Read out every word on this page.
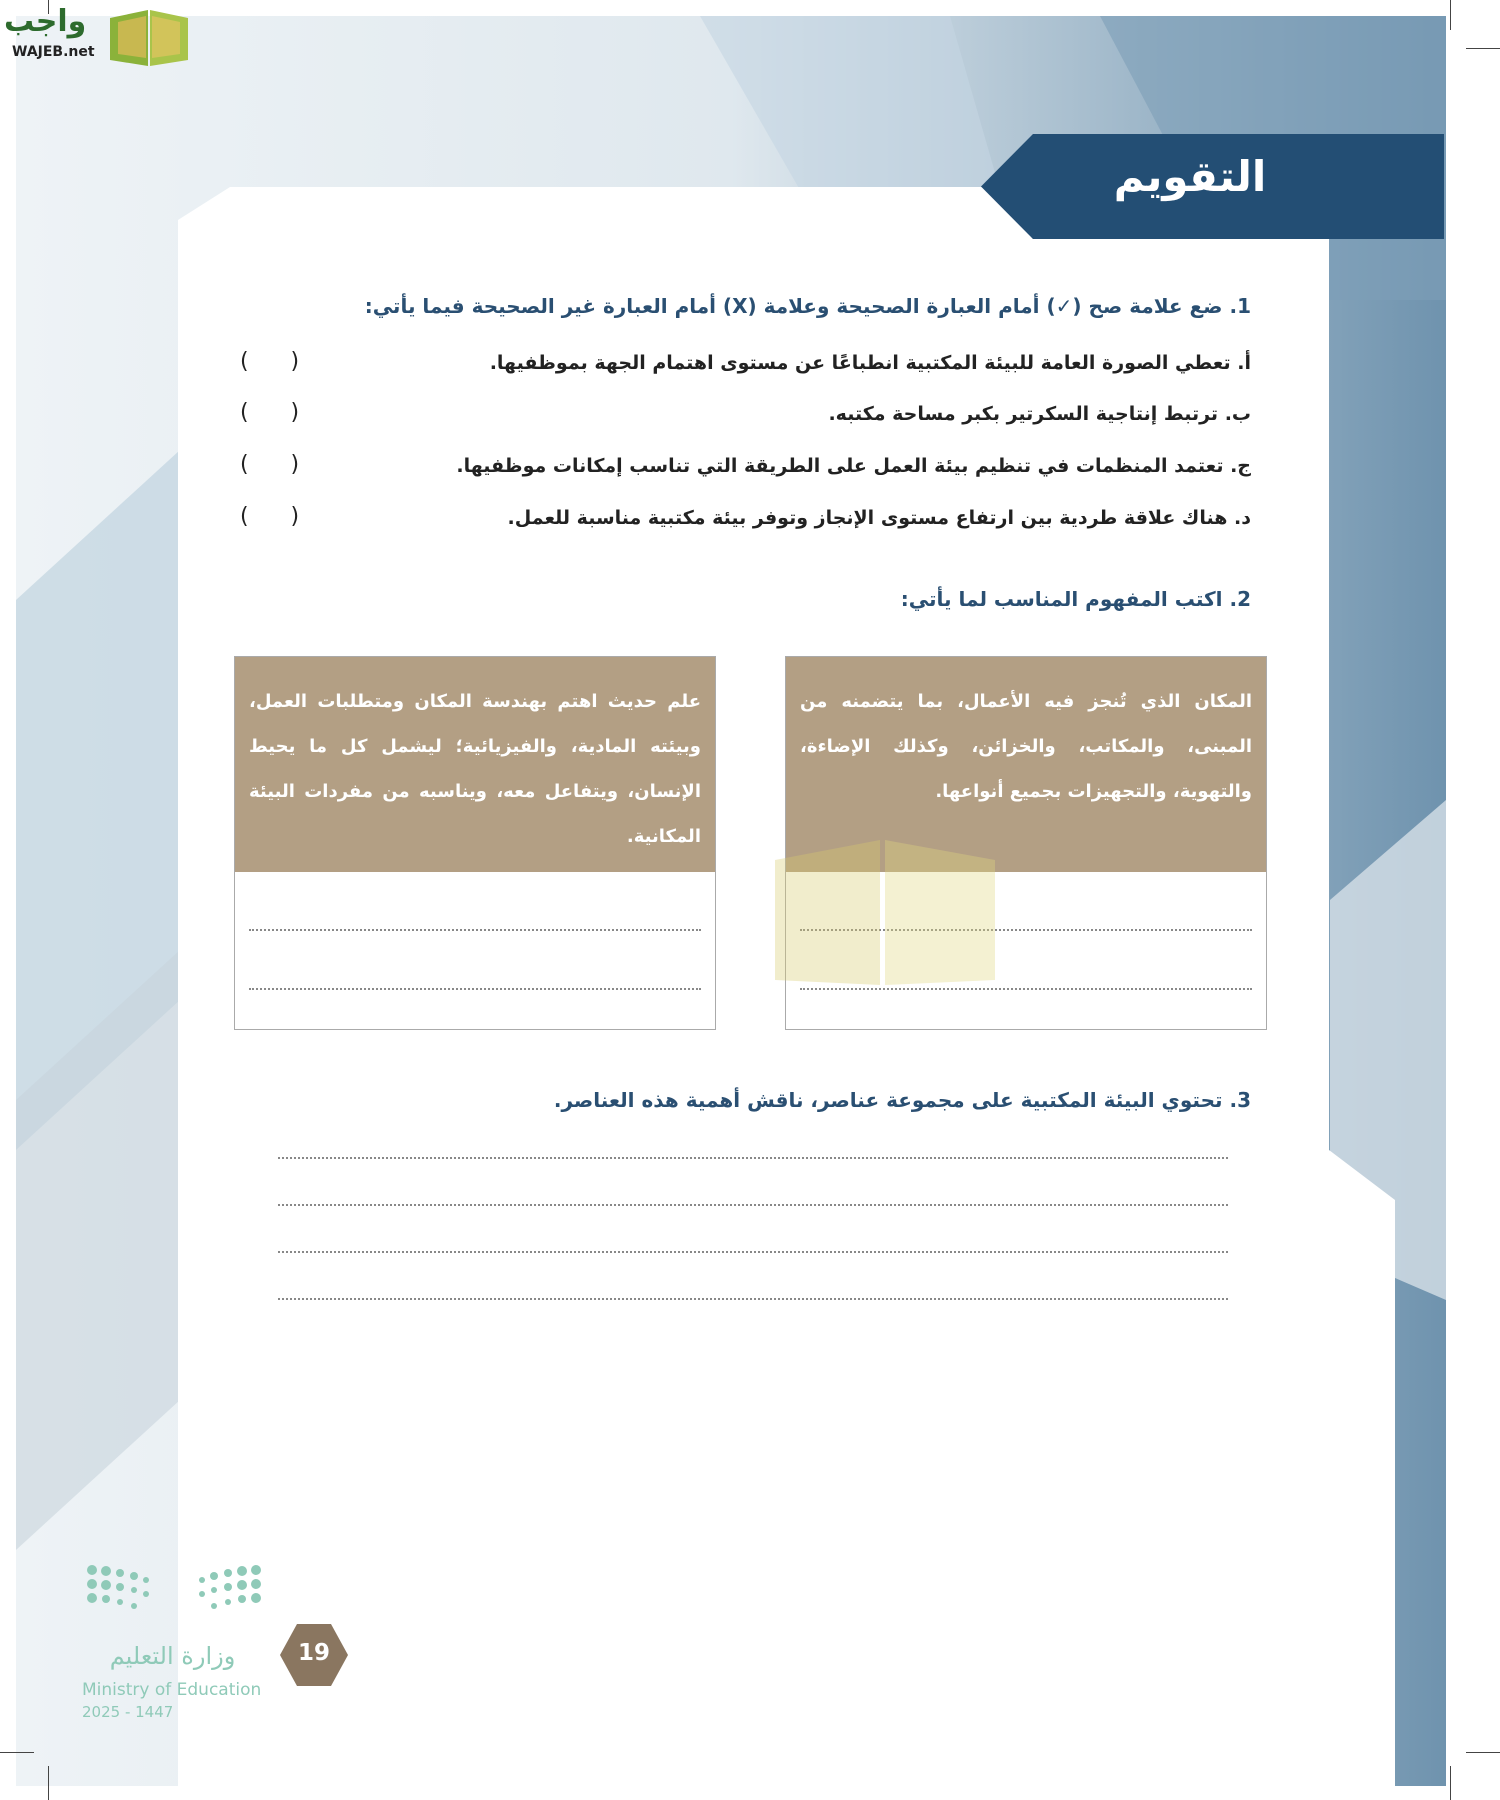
واجب
WAJEB.net
التقويم
1. ضع علامة صح (✓) أمام العبارة الصحيحة وعلامة (X) أمام العبارة غير الصحيحة فيما يأتي:
أ. تعطي الصورة العامة للبيئة المكتبية انطباعًا عن مستوى اهتمام الجهة بموظفيها.
(      )
ب. ترتبط إنتاجية السكرتير بكبر مساحة مكتبه.
(      )
ج. تعتمد المنظمات في تنظيم بيئة العمل على الطريقة التي تناسب إمكانات موظفيها.
(      )
د. هناك علاقة طردية بين ارتفاع مستوى الإنجاز وتوفر بيئة مكتبية مناسبة للعمل.
(      )
2. اكتب المفهوم المناسب لما يأتي:
المكان الذي تُنجز فيه الأعمال، بما يتضمنه من المبنى، والمكاتب، والخزائن، وكذلك الإضاءة، والتهوية، والتجهيزات بجميع أنواعها.
علم حديث اهتم بهندسة المكان ومتطلبات العمل، وبيئته المادية، والفيزيائية؛ ليشمل كل ما يحيط الإنسان، ويتفاعل معه، ويناسبه من مفردات البيئة المكانية.
3. تحتوي البيئة المكتبية على مجموعة عناصر، ناقش أهمية هذه العناصر.
وزارة التعليم
Ministry of Education
2025 - 1447
19
